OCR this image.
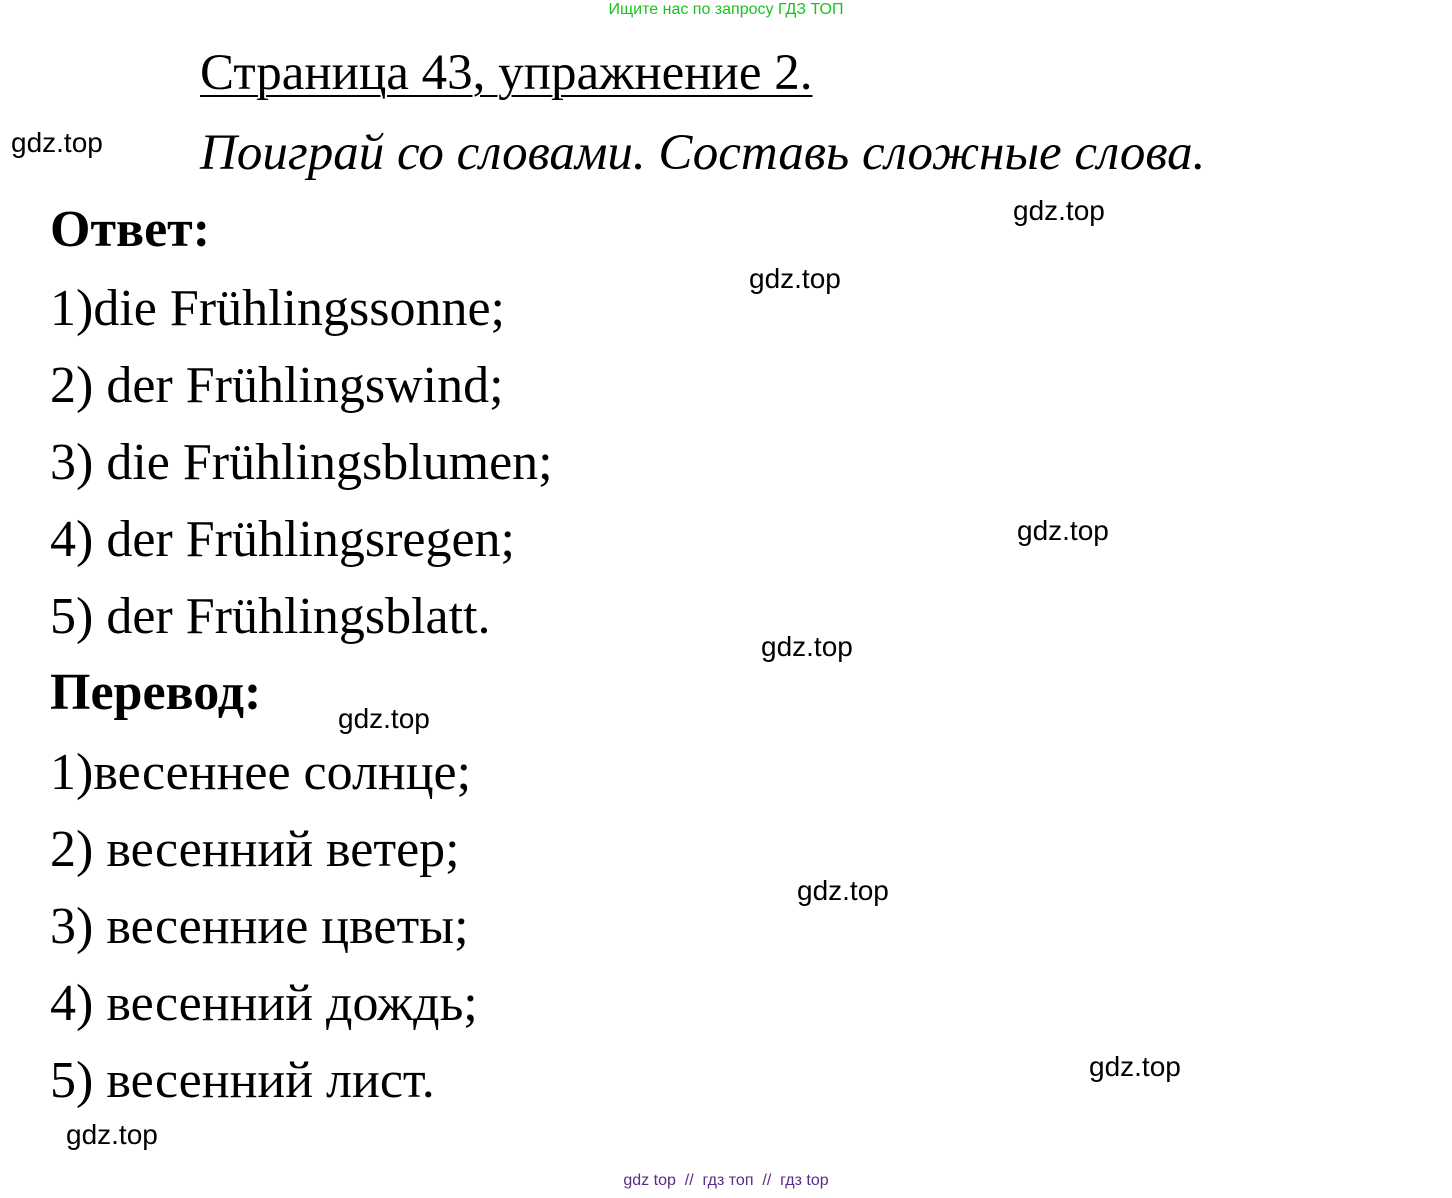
Ищите нас по запросу ГДЗ ТОП
Страница 43, упражнение 2.
Поиграй со словами. Составь сложные слова.
Ответ:
1)die Frühlingssonne;
2) der Frühlingswind;
3) die Frühlingsblumen;
4) der Frühlingsregen;
5) der Frühlingsblatt.
Перевод:
1)весеннее солнце;
2) весенний ветер;
3) весенние цветы;
4) весенний дождь;
5) весенний лист.
gdz.top
gdz.top
gdz.top
gdz.top
gdz.top
gdz.top
gdz.top
gdz.top
gdz.top
gdz top  //  гдз топ  //  гдз top
